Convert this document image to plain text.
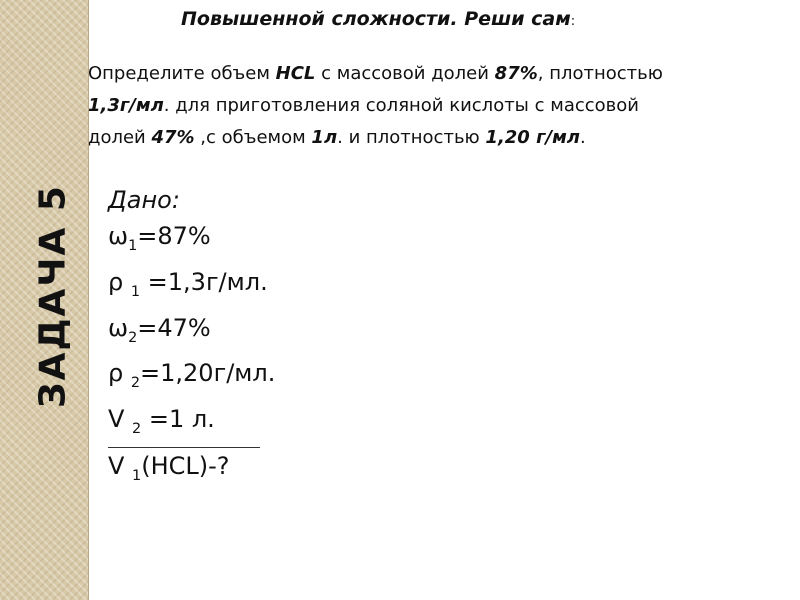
ЗАДАЧА 5
Повышенной сложности. Реши сам:
Определите объем HCL с массовой долей 87%, плотностью
1,3г/мл. для приготовления соляной кислоты с массовой
долей 47% ,с объемом 1л. и плотностью 1,20 г/мл.
Дано:
$\omega_1=87\%$
ρ $_1$ =1,3г/мл.
$\omega_2=47\%$
ρ $_2$=1,20г/мл.
V $_2$ =1 л.
V $_1$(HCL)-?
